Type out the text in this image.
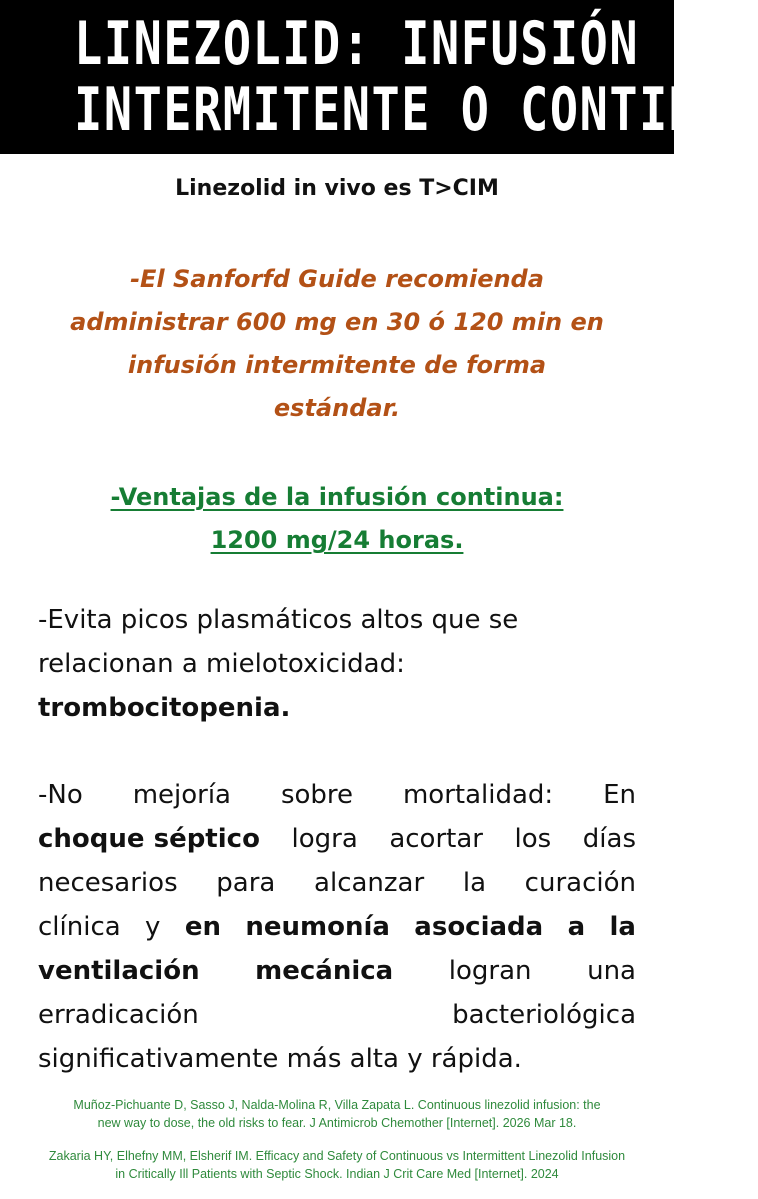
LINEZOLID: INFUSIÓN
INTERMITENTE O CONTINUA
Linezolid in vivo es T>CIM
-El Sanforfd Guide recomienda
administrar 600 mg en 30 ó 120 min en
infusión intermitente de forma
estándar.
-Ventajas de la infusión continua:
1200 mg/24 horas.
-Evita picos plasmáticos altos que se
relacionan a mielotoxicidad:
trombocitopenia.
-No mejoría sobre mortalidad: En
choque séptico logra acortar los días
necesarios para alcanzar la curación
clínica y en neumonía asociada a la
ventilación mecánica logran una
erradicación	bacteriológica
significativamente más alta y rápida.
Muñoz-Pichuante D, Sasso J, Nalda-Molina R, Villa Zapata L. Continuous linezolid infusion: the
new way to dose, the old risks to fear. J Antimicrob Chemother [Internet]. 2026 Mar 18.
Zakaria HY, Elhefny MM, Elsherif IM. Efficacy and Safety of Continuous vs Intermittent Linezolid Infusion
in Critically Ill Patients with Septic Shock. Indian J Crit Care Med [Internet]. 2024
